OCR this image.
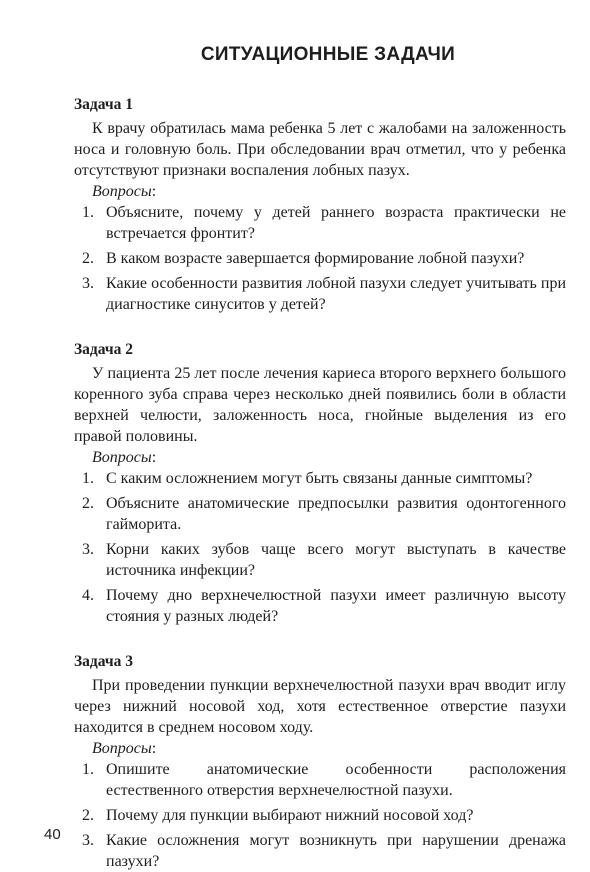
СИТУАЦИОННЫЕ ЗАДАЧИ

Задача 1

К врачу обратилась мама ребенка 5 лет с жалобами на заложенность носа и головную боль. При обследовании врач отметил, что у ребенка отсутствуют признаки воспаления лобных пазух.

Вопросы:

1. Объясните, почему у детей раннего возраста практически не встречается фронтит?
2. В каком возрасте завершается формирование лобной пазухи?
3. Какие особенности развития лобной пазухи следует учитывать при диагностике синуситов у детей?

Задача 2

У пациента 25 лет после лечения кариеса второго верхнего большого коренного зуба справа через несколько дней появились боли в области верхней челюсти, заложенность носа, гнойные выделения из его правой половины.

Вопросы:

1. С каким осложнением могут быть связаны данные симптомы?
2. Объясните анатомические предпосылки развития одонтогенного гайморита.
3. Корни каких зубов чаще всего могут выступать в качестве источника инфекции?
4. Почему дно верхнечелюстной пазухи имеет различную высоту стояния у разных людей?

Задача 3

При проведении пункции верхнечелюстной пазухи врач вводит иглу через нижний носовой ход, хотя естественное отверстие пазухи находится в среднем носовом ходу.

Вопросы:

1. Опишите анатомические особенности расположения естественного отверстия верхнечелюстной пазухи.
2. Почему для пункции выбирают нижний носовой ход?
3. Какие осложнения могут возникнуть при нарушении дренажа пазухи?
40
